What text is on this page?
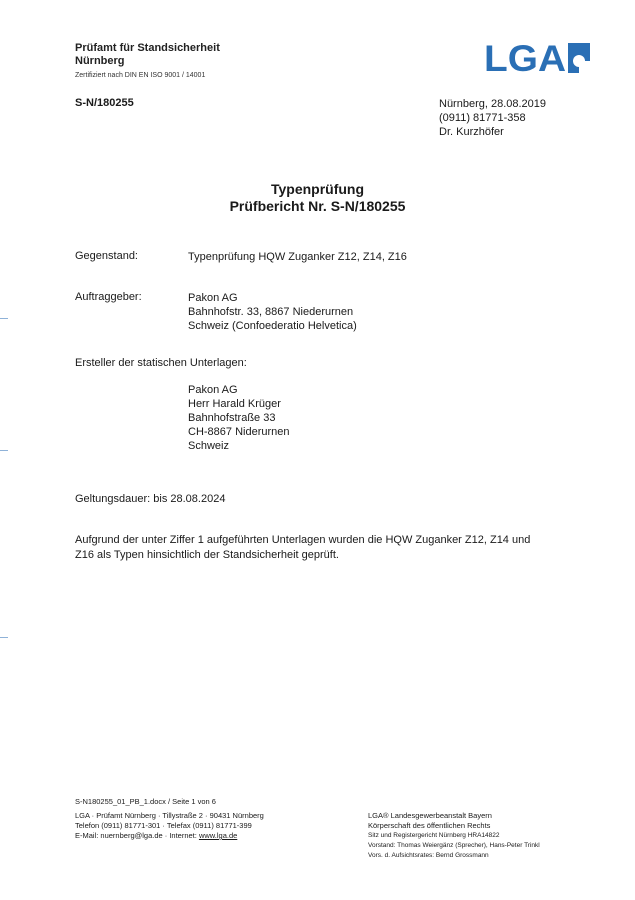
Prüfamt für Standsicherheit
Nürnberg
Zertifiziert nach DIN EN ISO 9001 / 14001	LGA
S-N/180255	Nürnberg, 28.08.2019
(0911) 81771-358
Dr. Kurzhöfer
Typenprüfung
Prüfbericht Nr. S-N/180255
Gegenstand:	Typenprüfung HQW Zuganker Z12, Z14, Z16
Auftraggeber:	Pakon AG
Bahnhofstr. 33, 8867 Niederurnen
Schweiz (Confoederatio Helvetica)
Ersteller der statischen Unterlagen:
Pakon AG
Herr Harald Krüger
Bahnhofstraße 33
CH-8867 Niderurnen
Schweiz
Geltungsdauer: bis 28.08.2024
Aufgrund der unter Ziffer 1 aufgeführten Unterlagen wurden die HQW Zuganker Z12, Z14 und
Z16 als Typen hinsichtlich der Standsicherheit geprüft.
S-N180255_01_PB_1.docx / Seite 1 von 6
LGA · Prüfamt Nürnberg · Tillystraße 2 · 90431 Nürnberg
Telefon (0911) 81771-301 · Telefax (0911) 81771-399
E-Mail: nuernberg@lga.de · Internet: www.lga.de
LGA® Landesgewerbeanstalt Bayern
Körperschaft des öffentlichen Rechts
Sitz und Registergericht Nürnberg HRA14822
Vorstand: Thomas Weiergänz (Sprecher), Hans-Peter Trinkl
Vors. d. Aufsichtsrates: Bernd Grossmann
